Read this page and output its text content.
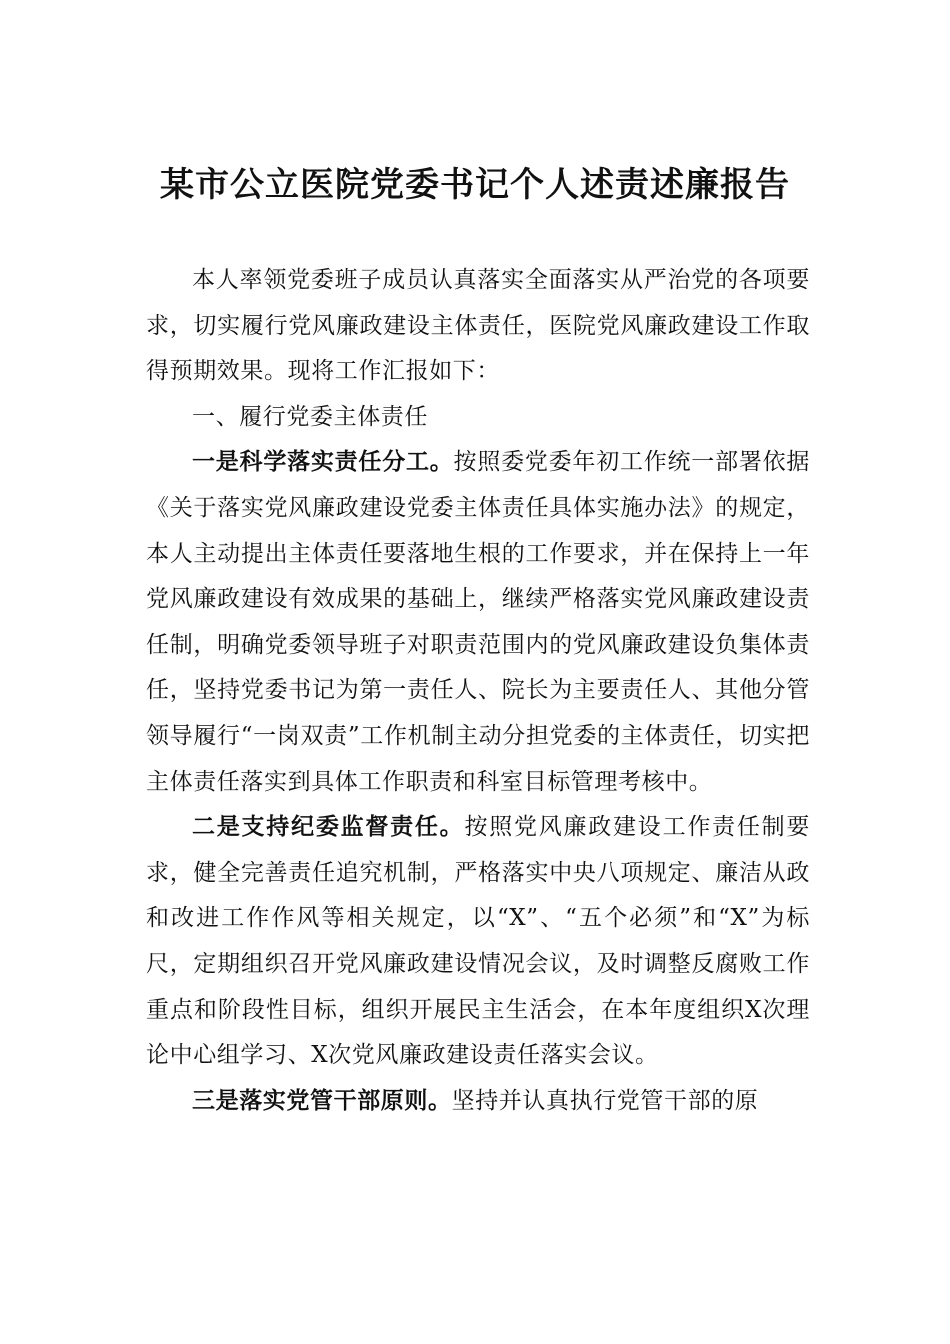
某市公立医院党委书记个人述责述廉报告

本人率领党委班子成员认真落实全面落实从严治党的各项要求，切实履行党风廉政建设主体责任，医院党风廉政建设工作取得预期效果。现将工作汇报如下：

一、履行党委主体责任

一是科学落实责任分工。按照委党委年初工作统一部署依据《关于落实党风廉政建设党委主体责任具体实施办法》的规定，本人主动提出主体责任要落地生根的工作要求，并在保持上一年党风廉政建设有效成果的基础上，继续严格落实党风廉政建设责任制，明确党委领导班子对职责范围内的党风廉政建设负集体责任，坚持党委书记为第一责任人、院长为主要责任人、其他分管领导履行“一岗双责”工作机制主动分担党委的主体责任，切实把主体责任落实到具体工作职责和科室目标管理考核中。

二是支持纪委监督责任。按照党风廉政建设工作责任制要求，健全完善责任追究机制，严格落实中央八项规定、廉洁从政和改进工作作风等相关规定，以“X”、“五个必须”和“X”为标尺，定期组织召开党风廉政建设情况会议，及时调整反腐败工作重点和阶段性目标，组织开展民主生活会，在本年度组织X次理论中心组学习、X次党风廉政建设责任落实会议。

三是落实党管干部原则。坚持并认真执行党管干部的原
